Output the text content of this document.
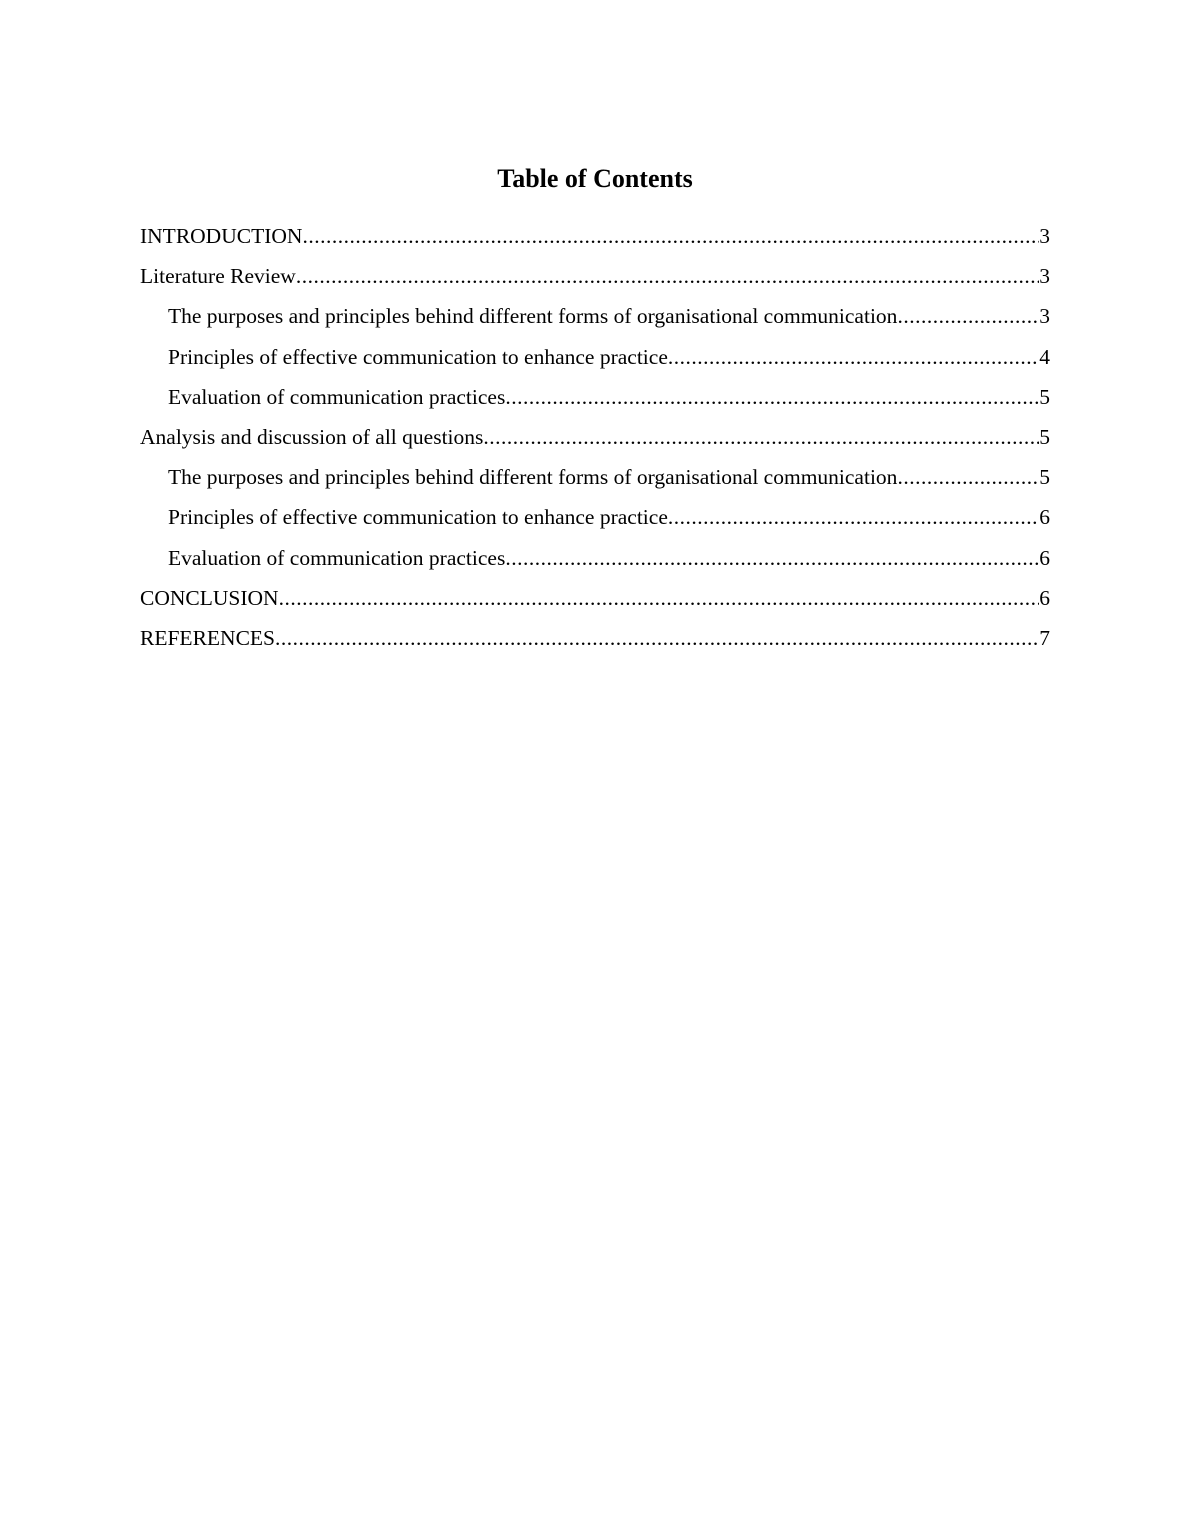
Table of Contents
INTRODUCTION .....	3
Literature Review .....	3
The purposes and principles behind different forms of organisational communication .....	3
Principles of effective communication to enhance practice .....	4
Evaluation of communication practices .....	5
Analysis and discussion of all questions .....	5
The purposes and principles behind different forms of organisational communication .....	5
Principles of effective communication to enhance practice .....	6
Evaluation of communication practices .....	6
CONCLUSION .....	6
REFERENCES .....	7
